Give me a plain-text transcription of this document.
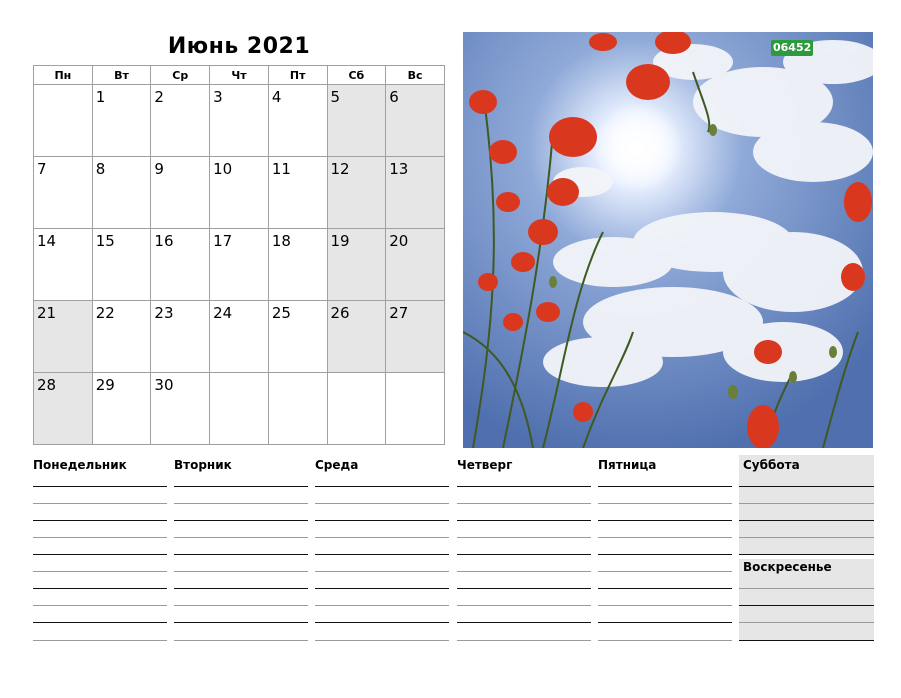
Июнь 2021
Пн	Вт	Ср	Чт	Пт	Сб	Вс
	1	2	3	4	5	6
7	8	9	10	11	12	13
14	15	16	17	18	19	20
21	22	23	24	25	26	27
28	29	30				
06452 com.ua
Понедельник	Вторник	Среда	Четверг	Пятница	Суббота
Воскресенье
